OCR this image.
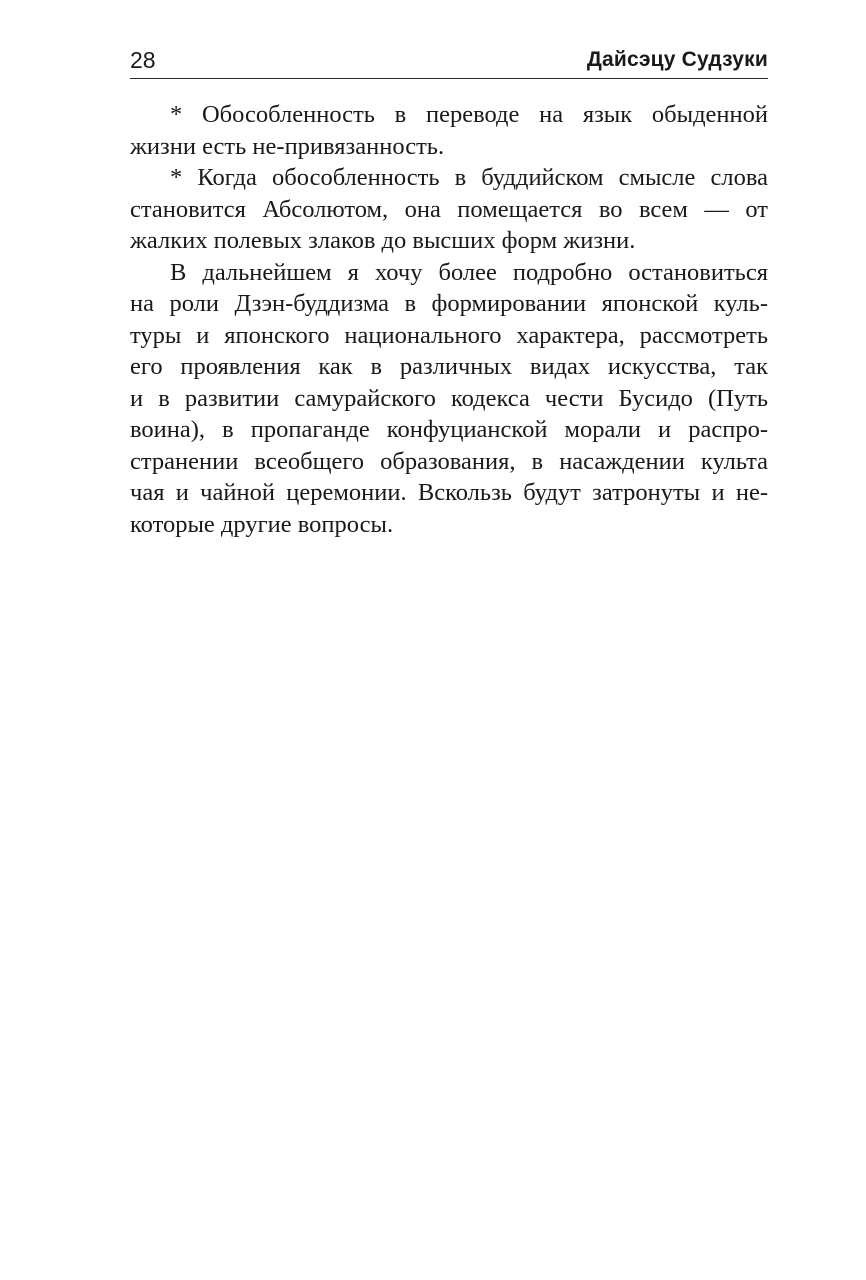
28	Дайсэцу Судзуки
* Обособленность в переводе на язык обыденной
жизни есть не-привязанность.
* Когда обособленность в буддийском смысле слова
становится Абсолютом, она помещается во всем — от
жалких полевых злаков до высших форм жизни.
В дальнейшем я хочу более подробно остановиться
на роли Дзэн-буддизма в формировании японской куль-
туры и японского национального характера, рассмотреть
его проявления как в различных видах искусства, так
и в развитии самурайского кодекса чести Бусидо (Путь
воина), в пропаганде конфуцианской морали и распро-
странении всеобщего образования, в насаждении культа
чая и чайной церемонии. Вскользь будут затронуты и не-
которые другие вопросы.
